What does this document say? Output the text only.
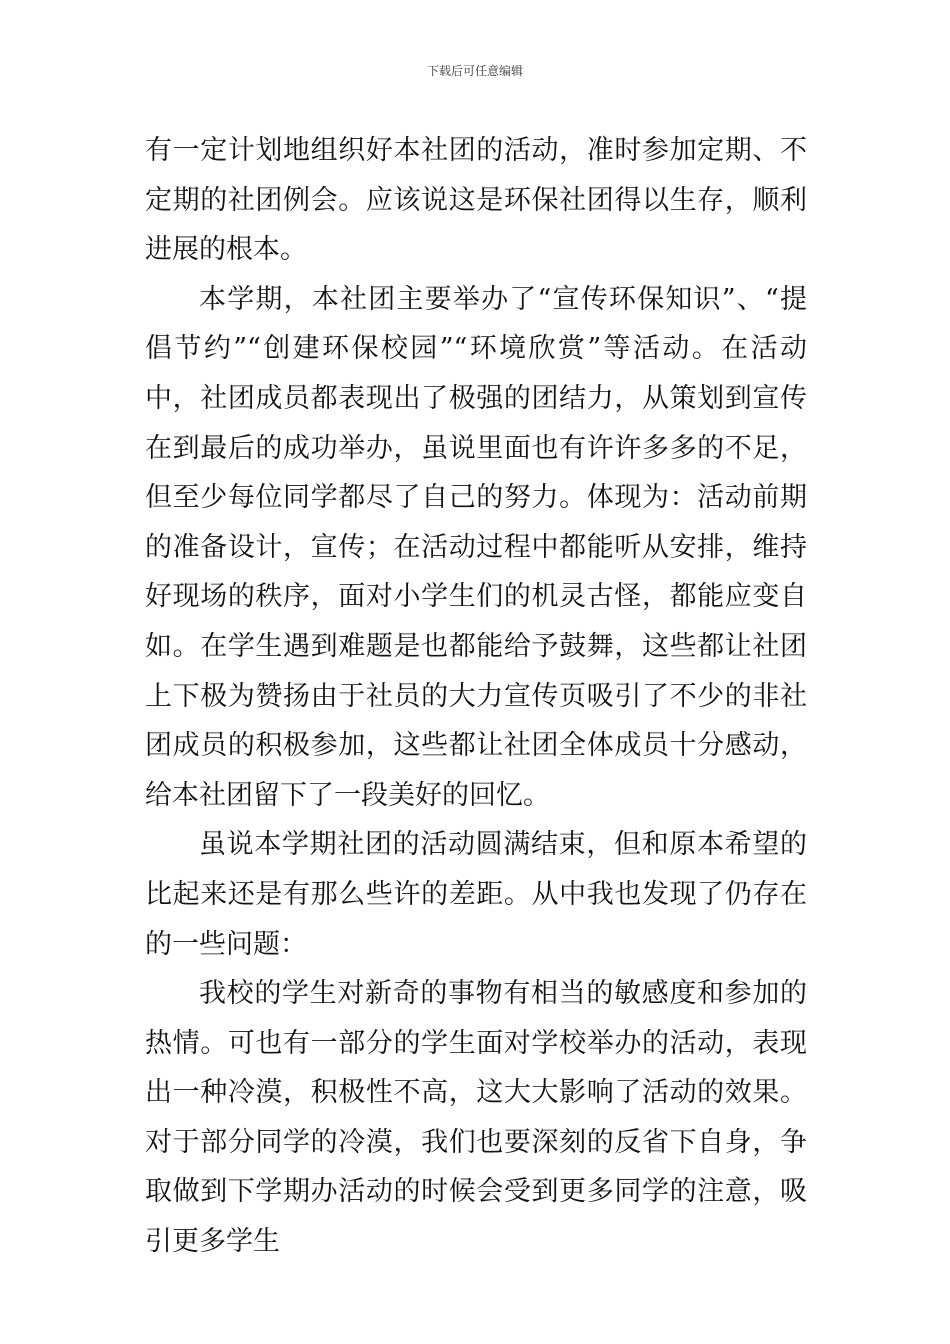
下载后可任意编辑

有一定计划地组织好本社团的活动，准时参加定期、不定期的社团例会。应该说这是环保社团得以生存，顺利进展的根本。

本学期，本社团主要举办了“宣传环保知识”、“提倡节约”“创建环保校园”“环境欣赏”等活动。在活动中，社团成员都表现出了极强的团结力，从策划到宣传在到最后的成功举办，虽说里面也有许许多多的不足，但至少每位同学都尽了自己的努力。体现为：活动前期的准备设计，宣传；在活动过程中都能听从安排，维持好现场的秩序，面对小学生们的机灵古怪，都能应变自如。在学生遇到难题是也都能给予鼓舞，这些都让社团上下极为赞扬由于社员的大力宣传页吸引了不少的非社团成员的积极参加，这些都让社团全体成员十分感动，给本社团留下了一段美好的回忆。

虽说本学期社团的活动圆满结束，但和原本希望的比起来还是有那么些许的差距。从中我也发现了仍存在的一些问题：

我校的学生对新奇的事物有相当的敏感度和参加的热情。可也有一部分的学生面对学校举办的活动，表现出一种冷漠，积极性不高，这大大影响了活动的效果。对于部分同学的冷漠，我们也要深刻的反省下自身，争取做到下学期办活动的时候会受到更多同学的注意，吸引更多学生
